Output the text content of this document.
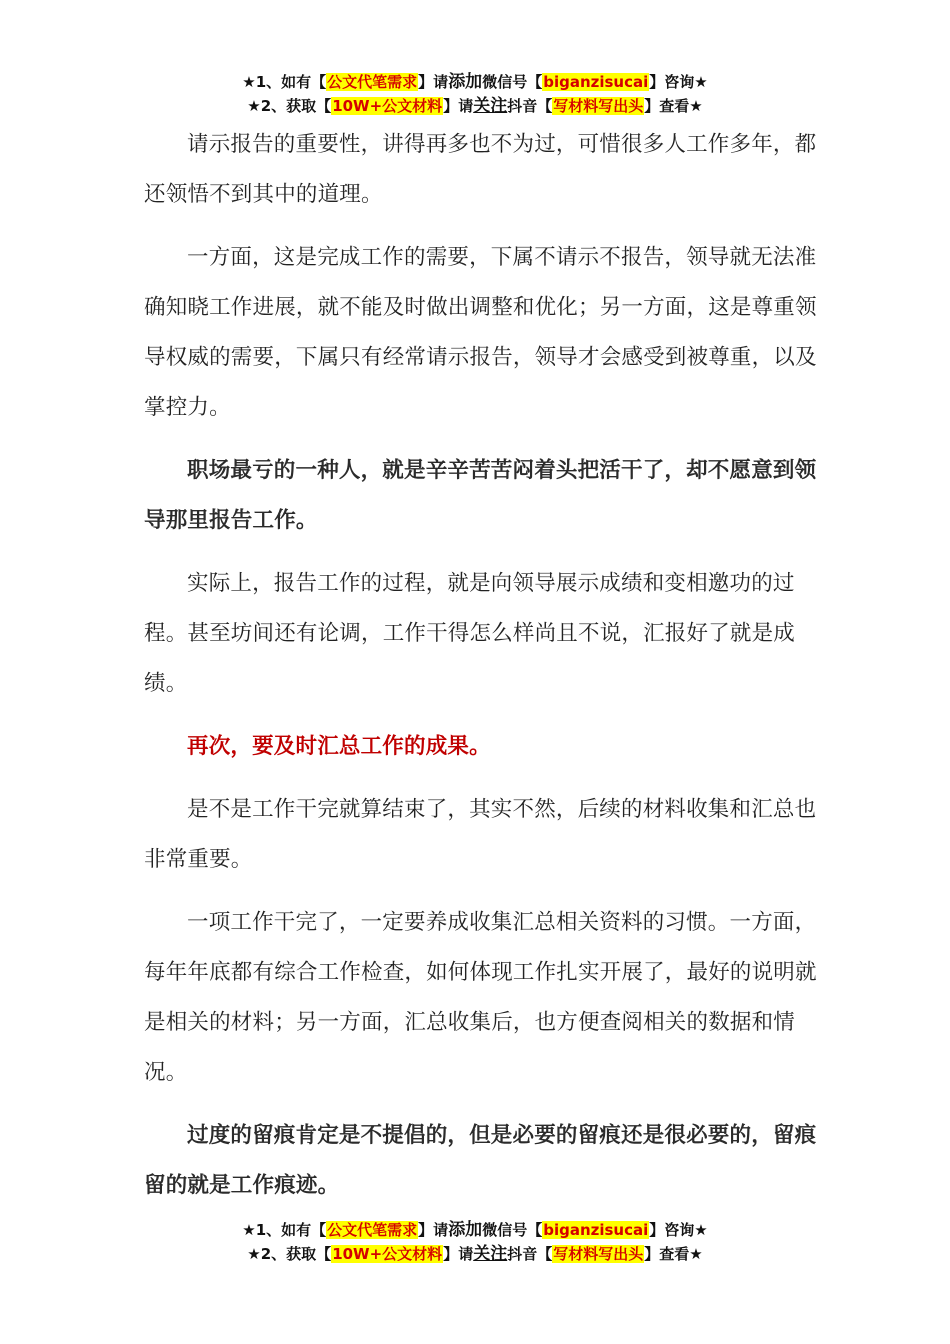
★1、如有【公文代笔需求】请添加微信号【biganzisucai】咨询★
★2、获取【10W+公文材料】请关注抖音【写材料写出头】查看★

请示报告的重要性，讲得再多也不为过，可惜很多人工作多年，都还领悟不到其中的道理。

一方面，这是完成工作的需要，下属不请示不报告，领导就无法准确知晓工作进展，就不能及时做出调整和优化；另一方面，这是尊重领导权威的需要，下属只有经常请示报告，领导才会感受到被尊重，以及掌控力。

职场最亏的一种人，就是辛辛苦苦闷着头把活干了，却不愿意到领导那里报告工作。

实际上，报告工作的过程，就是向领导展示成绩和变相邀功的过程。甚至坊间还有论调，工作干得怎么样尚且不说，汇报好了就是成绩。

再次，要及时汇总工作的成果。

是不是工作干完就算结束了，其实不然，后续的材料收集和汇总也非常重要。

一项工作干完了，一定要养成收集汇总相关资料的习惯。一方面，每年年底都有综合工作检查，如何体现工作扎实开展了，最好的说明就是相关的材料；另一方面，汇总收集后，也方便查阅相关的数据和情况。

过度的留痕肯定是不提倡的，但是必要的留痕还是很必要的，留痕留的就是工作痕迹。

★1、如有【公文代笔需求】请添加微信号【biganzisucai】咨询★
★2、获取【10W+公文材料】请关注抖音【写材料写出头】查看★
